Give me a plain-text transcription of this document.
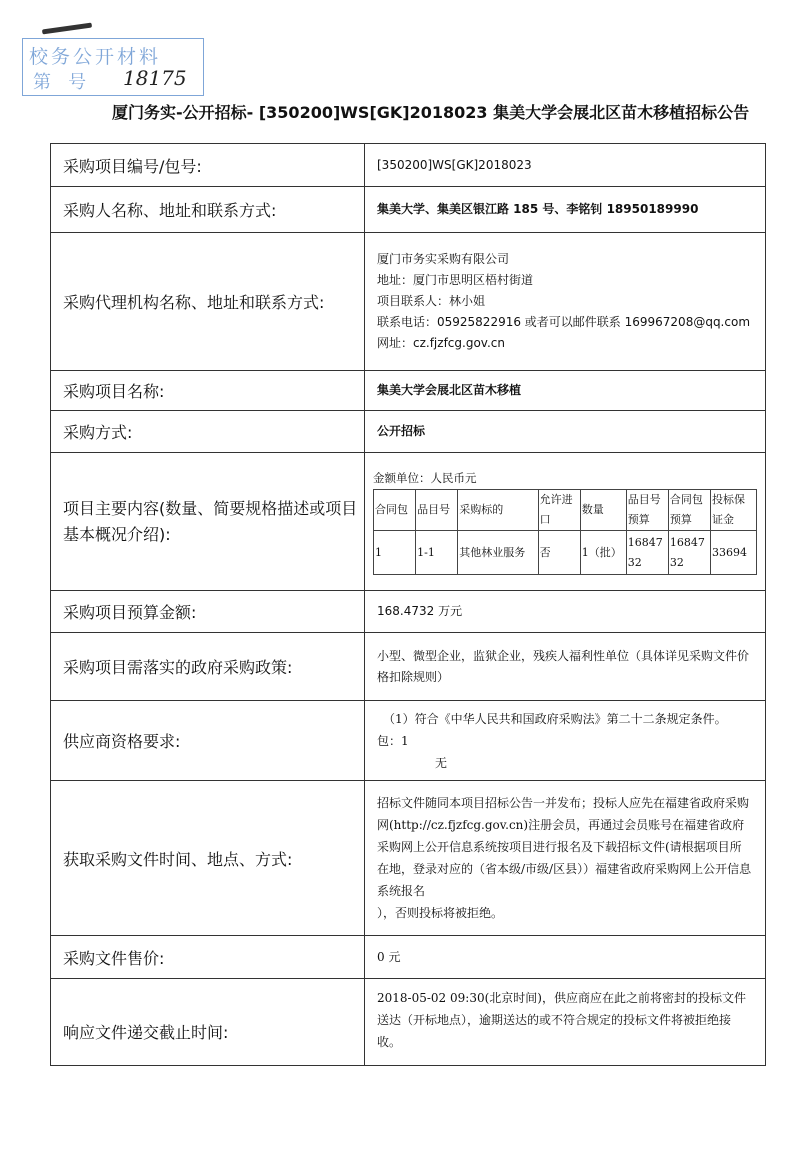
校务公开材料
第   号 18175
厦门务实-公开招标- [350200]WS[GK]2018023 集美大学会展北区苗木移植招标公告
采购项目编号/包号:	[350200]WS[GK]2018023
采购人名称、地址和联系方式:	集美大学、集美区银江路 185 号、李铭钊 18950189990
采购代理机构名称、地址和联系方式:	
厦门市务实采购有限公司
地址：厦门市思明区梧村街道
项目联系人：林小姐
联系电话：05925822916 或者可以邮件联系 169967208@qq.com
网址：cz.fjzfcg.gov.cn

采购项目名称:	集美大学会展北区苗木移植
采购方式:	公开招标
项目主要内容(数量、简要规格描述或项目基本概况介绍):	
金额单位：人民币元
合同包	品目号	采购标的	允许进口	数量	品目号预算	合同包预算	投标保证金
1	1-1	其他林业服务	否	1（批）	1684732	1684732	33694

采购项目预算金额:	168.4732 万元
采购项目需落实的政府采购政策:	小型、微型企业，监狱企业，残疾人福利性单位（具体详见采购文件价格扣除规则）
供应商资格要求:	
（1）符合《中华人民共和国政府采购法》第二十二条规定条件。
包：1
无

获取采购文件时间、地点、方式:	
招标文件随同本项目招标公告一并发布；投标人应先在福建省政府采购网(http://cz.fjzfcg.gov.cn)注册会员，再通过会员账号在福建省政府采购网上公开信息系统按项目进行报名及下载招标文件(请根据项目所在地，登录对应的（省本级/市级/区县））福建省政府采购网上公开信息系统报名
），否则投标将被拒绝。

采购文件售价:	0 元
响应文件递交截止时间:	2018-05-02 09:30(北京时间)，供应商应在此之前将密封的投标文件送达（开标地点），逾期送达的或不符合规定的投标文件将被拒绝接收。
